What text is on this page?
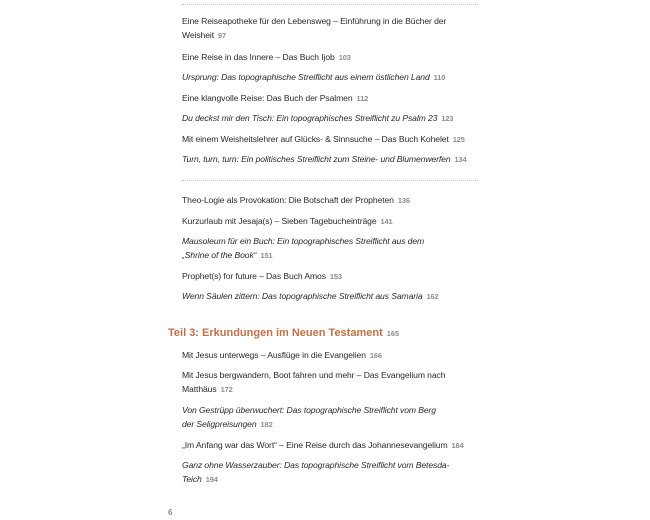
Eine Reiseapotheke für den Lebensweg – Einführung in die Bücher der Weisheit 97
Eine Reise in das Innere – Das Buch Ijob 103
Ursprung: Das topographische Streiflicht aus einem östlichen Land 110
Eine klangvolle Reise: Das Buch der Psalmen 112
Du deckst mir den Tisch: Ein topographisches Streiflicht zu Psalm 23 123
Mit einem Weisheitslehrer auf Glücks- & Sinnsuche – Das Buch Kohelet 125
Turn, turn, turn: Ein politisches Streiflicht zum Steine- und Blumenwerfen 134
Theo-Logie als Provokation: Die Botschaft der Propheten 136
Kurzurlaub mit Jesaja(s) – Sieben Tagebucheinträge 141
Mausoleum für ein Buch: Ein topographisches Streiflicht aus dem „Shrine of the Book“ 151
Prophet(s) for future – Das Buch Amos 153
Wenn Säulen zittern: Das topographische Streiflicht aus Samaria 162
Teil 3: Erkundungen im Neuen Testament 165
Mit Jesus unterwegs – Ausflüge in die Evangelien 166
Mit Jesus bergwandern, Boot fahren und mehr – Das Evangelium nach Matthäus 172
Von Gestrüpp überwuchert: Das topographische Streiflicht vom Berg der Seligpreisungen 182
„Im Anfang war das Wort“ – Eine Reise durch das Johannesevangelium 184
Ganz ohne Wasserzauber: Das topographische Streiflicht vom Betesda-Teich 194
6
